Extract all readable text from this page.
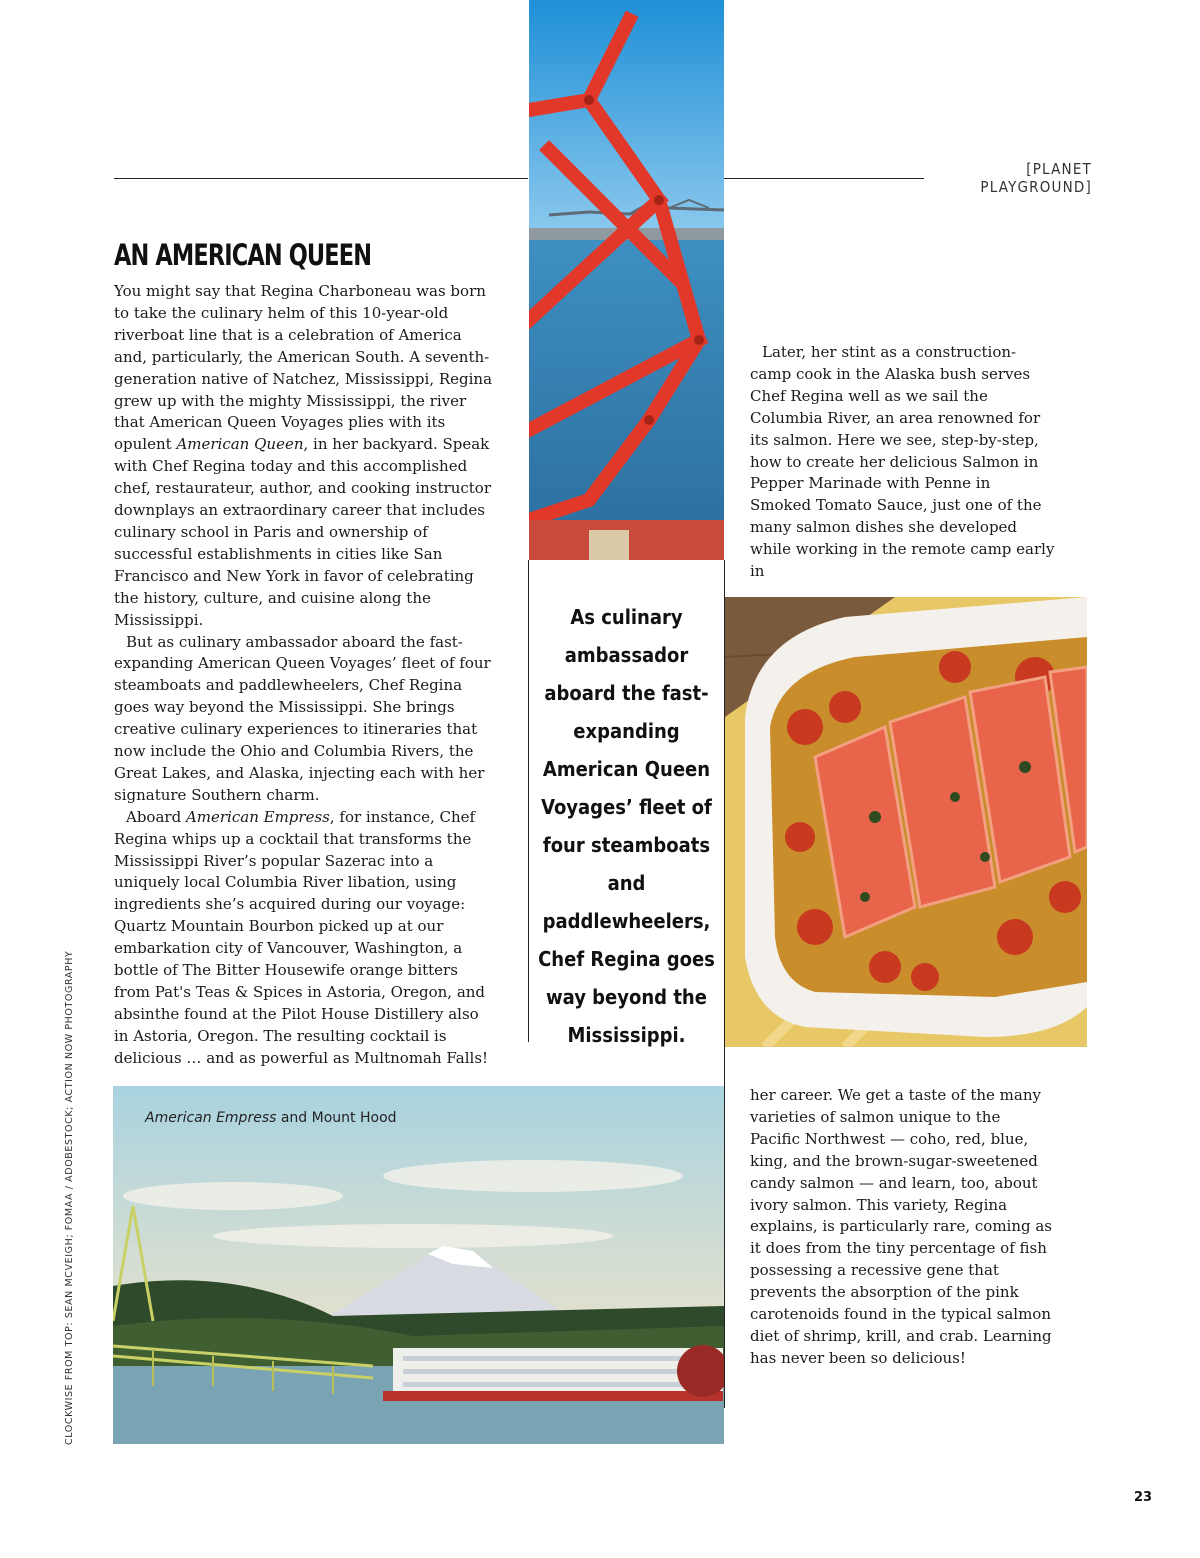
[PLANET PLAYGROUND]
AN AMERICAN QUEEN

You might say that Regina Charboneau was born to take the culinary helm of this 10-year-old riverboat line that is a celebration of America and, particularly, the American South. A seventh-generation native of Natchez, Mississippi, Regina grew up with the mighty Mississippi, the river that American Queen Voyages plies with its opulent American Queen, in her backyard. Speak with Chef Regina today and this accomplished chef, restaurateur, author, and cooking instructor downplays an extraordinary career that includes culinary school in Paris and ownership of successful establishments in cities like San Francisco and New York in favor of celebrating the history, culture, and cuisine along the Mississippi.

But as culinary ambassador aboard the fast-expanding American Queen Voyages’ fleet of four steamboats and paddlewheelers, Chef Regina goes way beyond the Mississippi. She brings creative culinary experiences to itineraries that now include the Ohio and Columbia Rivers, the Great Lakes, and Alaska, injecting each with her signature Southern charm.

Aboard American Empress, for instance, Chef Regina whips up a cocktail that transforms the Mississippi River’s popular Sazerac into a uniquely local Columbia River libation, using ingredients she’s acquired during our voyage: Quartz Mountain Bourbon picked up at our embarkation city of Vancouver, Washington, a bottle of The Bitter Housewife orange bitters from Pat's Teas & Spices in Astoria, Oregon, and absinthe found at the Pilot House Distillery also in Astoria, Oregon. The resulting cocktail is delicious … and as powerful as Multnomah Falls!

Later, her stint as a construction-camp cook in the Alaska bush serves Chef Regina well as we sail the Columbia River, an area renowned for its salmon. Here we see, step-by-step, how to create her delicious Salmon in Pepper Marinade with Penne in Smoked Tomato Sauce, just one of the many salmon dishes she developed while working in the remote camp early in

As culinary ambassador aboard the fast-expanding American Queen Voyages’ fleet of four steamboats and paddlewheelers, Chef Regina goes way beyond the Mississippi.
American Empress and Mount Hood

her career. We get a taste of the many varieties of salmon unique to the Pacific Northwest — coho, red, blue, king, and the brown-sugar-sweetened candy salmon — and learn, too, about ivory salmon. This variety, Regina explains, is particularly rare, coming as it does from the tiny percentage of fish possessing a recessive gene that prevents the absorption of the pink carotenoids found in the typical salmon diet of shrimp, krill, and crab. Learning has never been so delicious!

CLOCKWISE FROM TOP: SEAN MCVEIGH; FOMAA / ADOBESTOCK; ACTION NOW PHOTOGRAPHY
23
